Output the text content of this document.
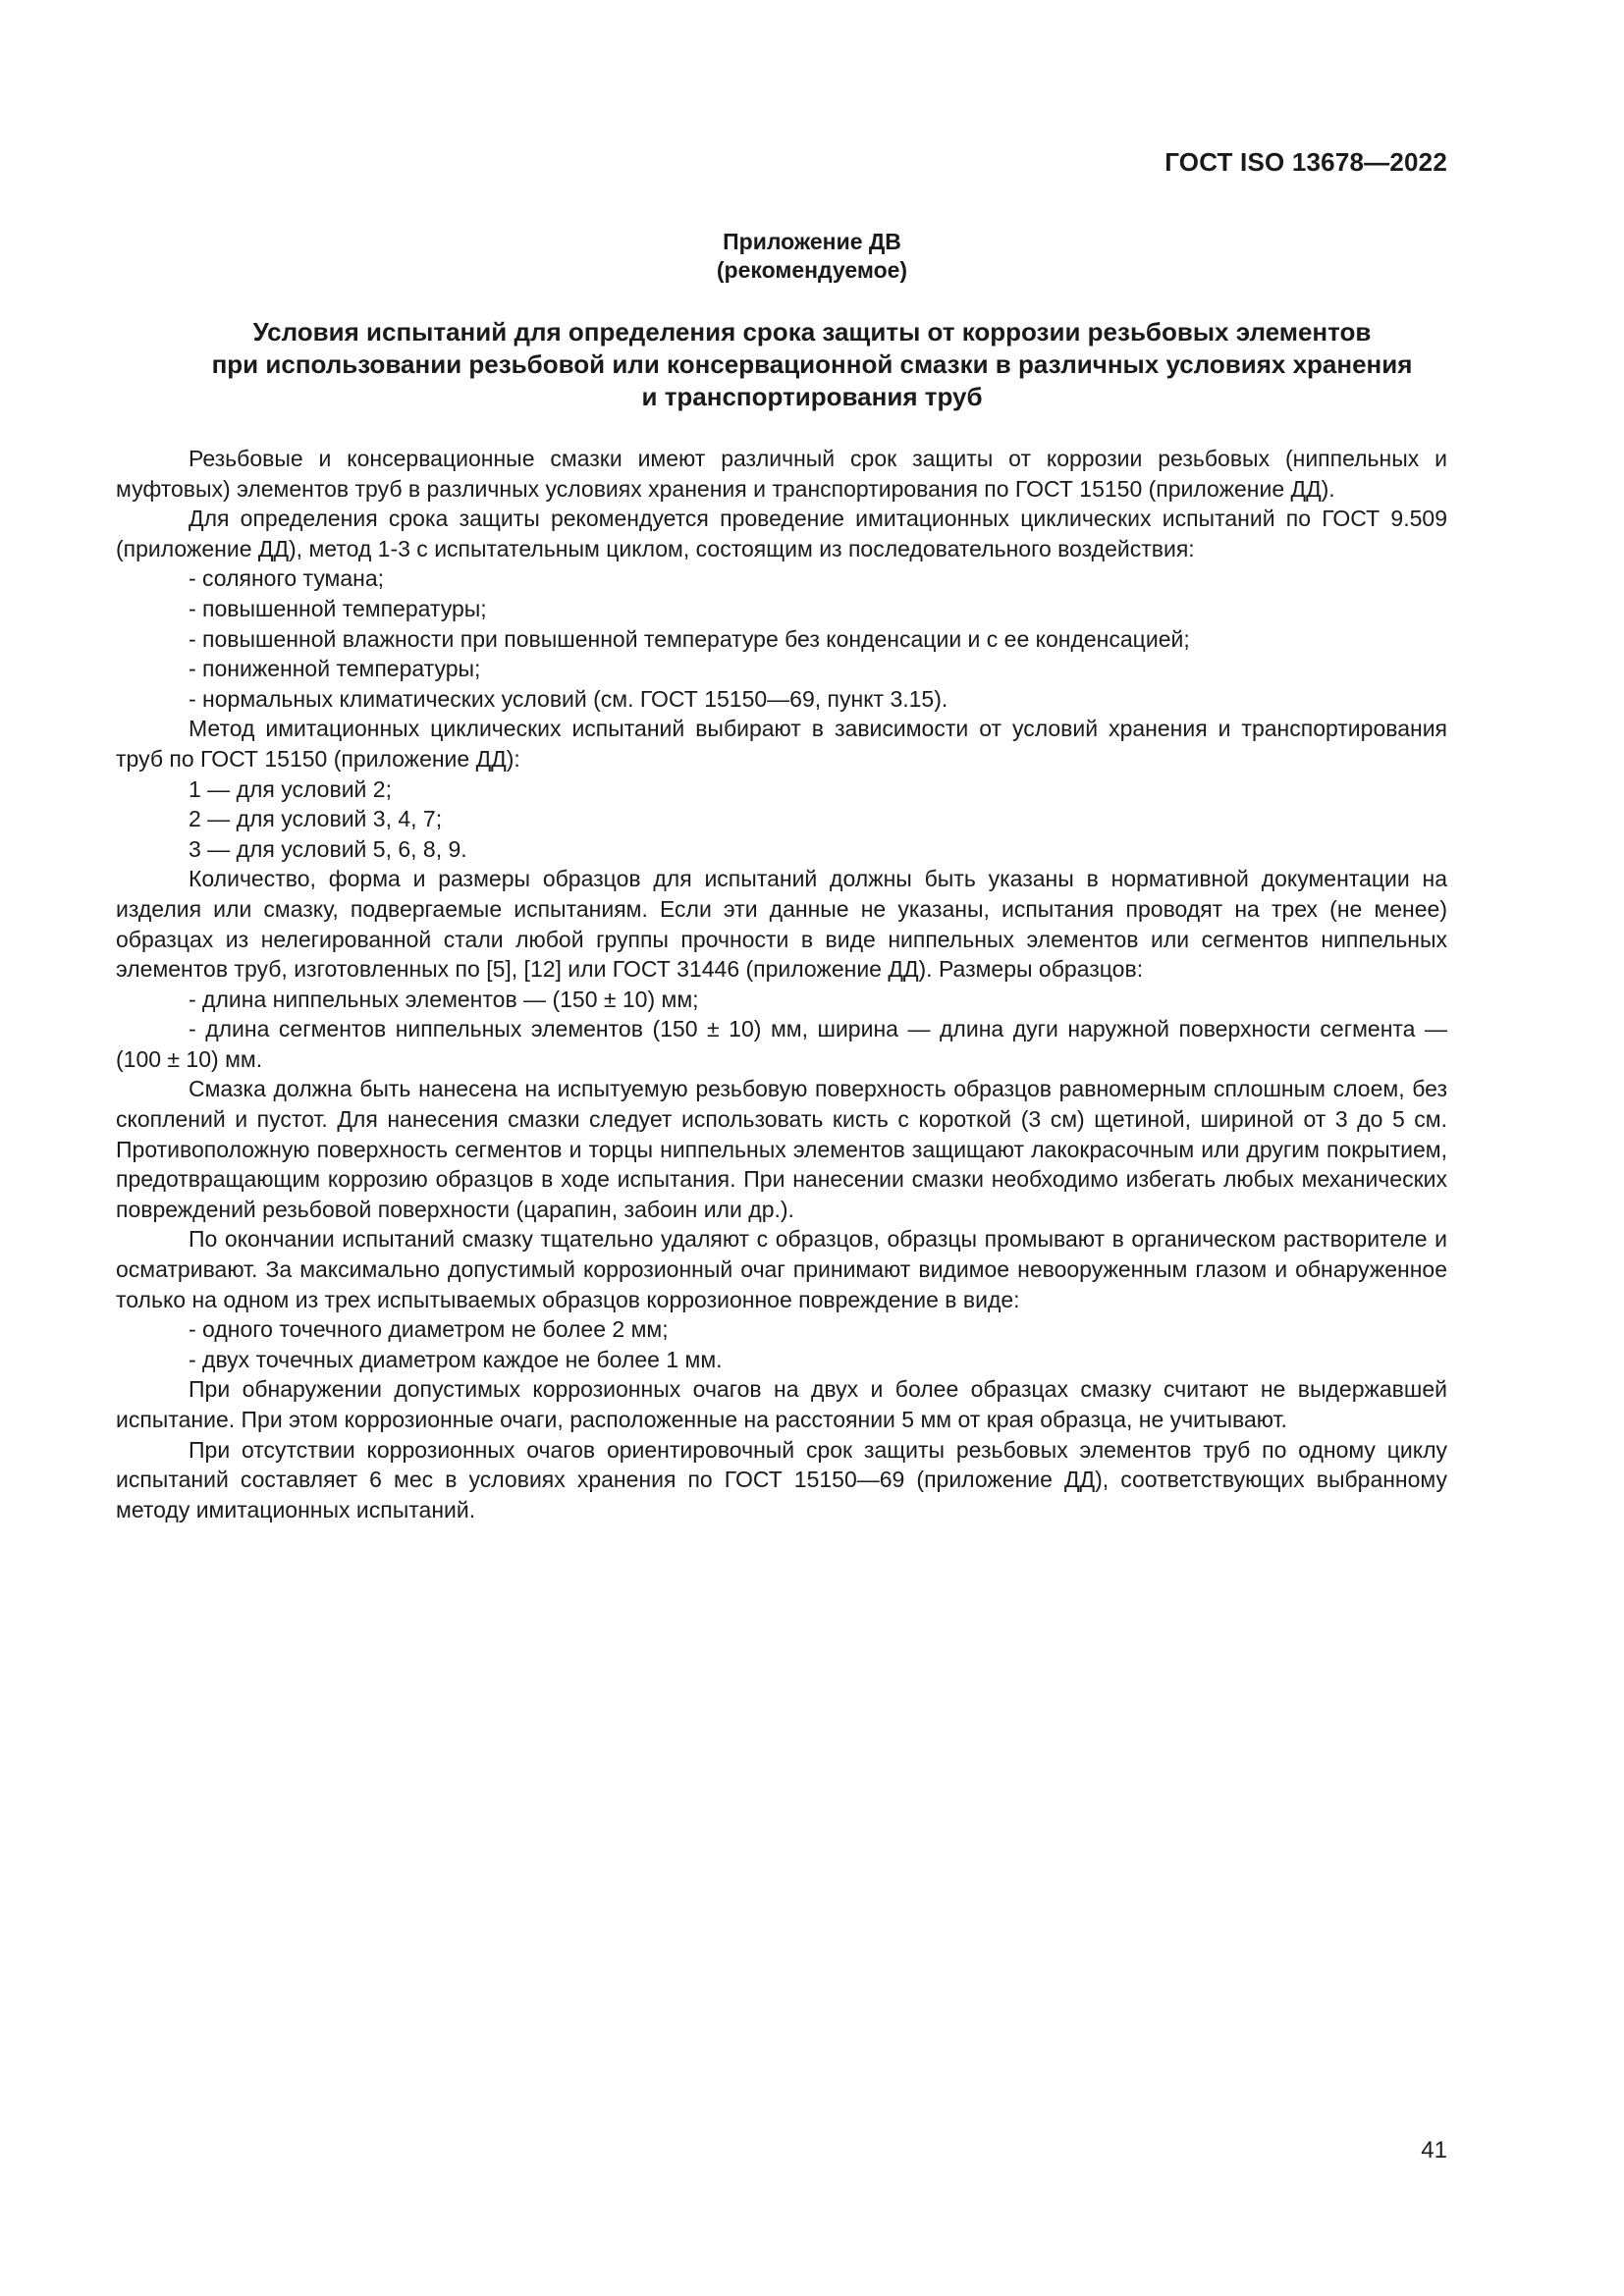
ГОСТ ISO 13678—2022
Приложение ДВ
(рекомендуемое)
Условия испытаний для определения срока защиты от коррозии резьбовых элементов
при использовании резьбовой или консервационной смазки в различных условиях хранения
и транспортирования труб

Резьбовые и консервационные смазки имеют различный срок защиты от коррозии резьбовых (ниппельных и муфтовых) элементов труб в различных условиях хранения и транспортирования по ГОСТ 15150 (приложение ДД).

Для определения срока защиты рекомендуется проведение имитационных циклических испытаний по ГОСТ 9.509 (приложение ДД), метод 1-3 с испытательным циклом, состоящим из последовательного воздействия:

- соляного тумана;

- повышенной температуры;

- повышенной влажности при повышенной температуре без конденсации и с ее конденсацией;

- пониженной температуры;

- нормальных климатических условий (см. ГОСТ 15150—69, пункт 3.15).

Метод имитационных циклических испытаний выбирают в зависимости от условий хранения и транспортирования труб по ГОСТ 15150 (приложение ДД):

1 — для условий 2;

2 — для условий 3, 4, 7;

3 — для условий 5, 6, 8, 9.

Количество, форма и размеры образцов для испытаний должны быть указаны в нормативной документации на изделия или смазку, подвергаемые испытаниям. Если эти данные не указаны, испытания проводят на трех (не менее) образцах из нелегированной стали любой группы прочности в виде ниппельных элементов или сегментов ниппельных элементов труб, изготовленных по [5], [12] или ГОСТ 31446 (приложение ДД). Размеры образцов:

- длина ниппельных элементов — (150 ± 10) мм;

- длина сегментов ниппельных элементов (150 ± 10) мм, ширина — длина дуги наружной поверхности сегмента — (100 ± 10) мм.

Смазка должна быть нанесена на испытуемую резьбовую поверхность образцов равномерным сплошным слоем, без скоплений и пустот. Для нанесения смазки следует использовать кисть с короткой (3 см) щетиной, шириной от 3 до 5 см. Противоположную поверхность сегментов и торцы ниппельных элементов защищают лакокрасочным или другим покрытием, предотвращающим коррозию образцов в ходе испытания. При нанесении смазки необходимо избегать любых механических повреждений резьбовой поверхности (царапин, забоин или др.).

По окончании испытаний смазку тщательно удаляют с образцов, образцы промывают в органическом растворителе и осматривают. За максимально допустимый коррозионный очаг принимают видимое невооруженным глазом и обнаруженное только на одном из трех испытываемых образцов коррозионное повреждение в виде:

- одного точечного диаметром не более 2 мм;

- двух точечных диаметром каждое не более 1 мм.

При обнаружении допустимых коррозионных очагов на двух и более образцах смазку считают не выдержавшей испытание. При этом коррозионные очаги, расположенные на расстоянии 5 мм от края образца, не учитывают.

При отсутствии коррозионных очагов ориентировочный срок защиты резьбовых элементов труб по одному циклу испытаний составляет 6 мес в условиях хранения по ГОСТ 15150—69 (приложение ДД), соответствующих выбранному методу имитационных испытаний.

41
